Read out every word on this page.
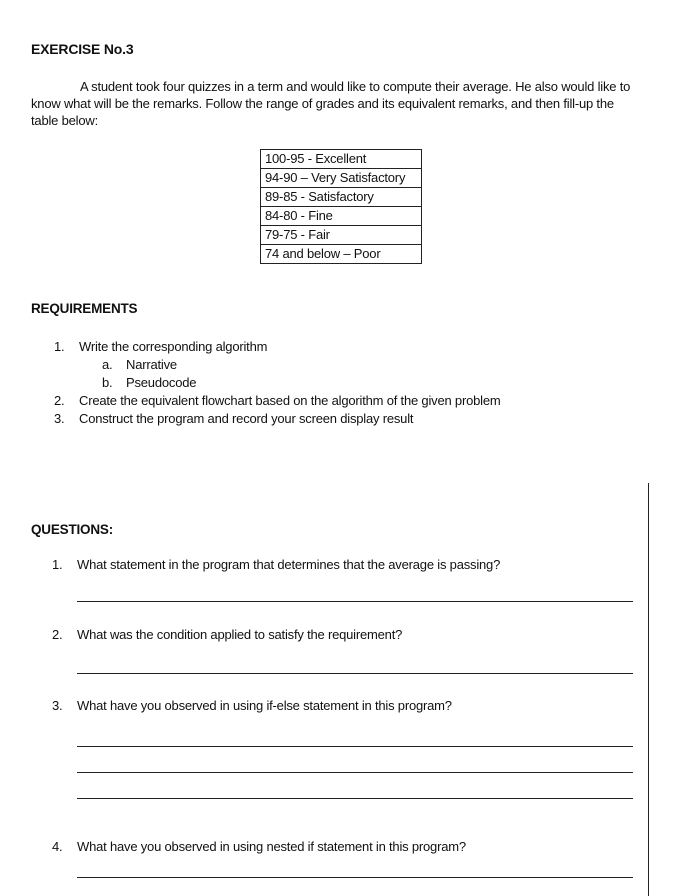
EXERCISE No.3

A student took four quizzes in a term and would like to compute their average. He also would like to know what will be the remarks. Follow the range of grades and its equivalent remarks, and then fill-up the table below:

100-95 - Excellent
94-90 – Very Satisfactory
89-85 - Satisfactory
84-80 - Fine
79-75 - Fair
74 and below – Poor
REQUIREMENTS
1.	Write the corresponding algorithm
a.	Narrative
b.	Pseudocode
2.	Create the equivalent flowchart based on the algorithm of the given problem
3.	Construct the program and record your screen display result
QUESTIONS:
1.	What statement in the program that determines that the average is passing?
2.	What was the condition applied to satisfy the requirement?
3.	What have you observed in using if-else statement in this program?
4.	What have you observed in using nested if statement in this program?
